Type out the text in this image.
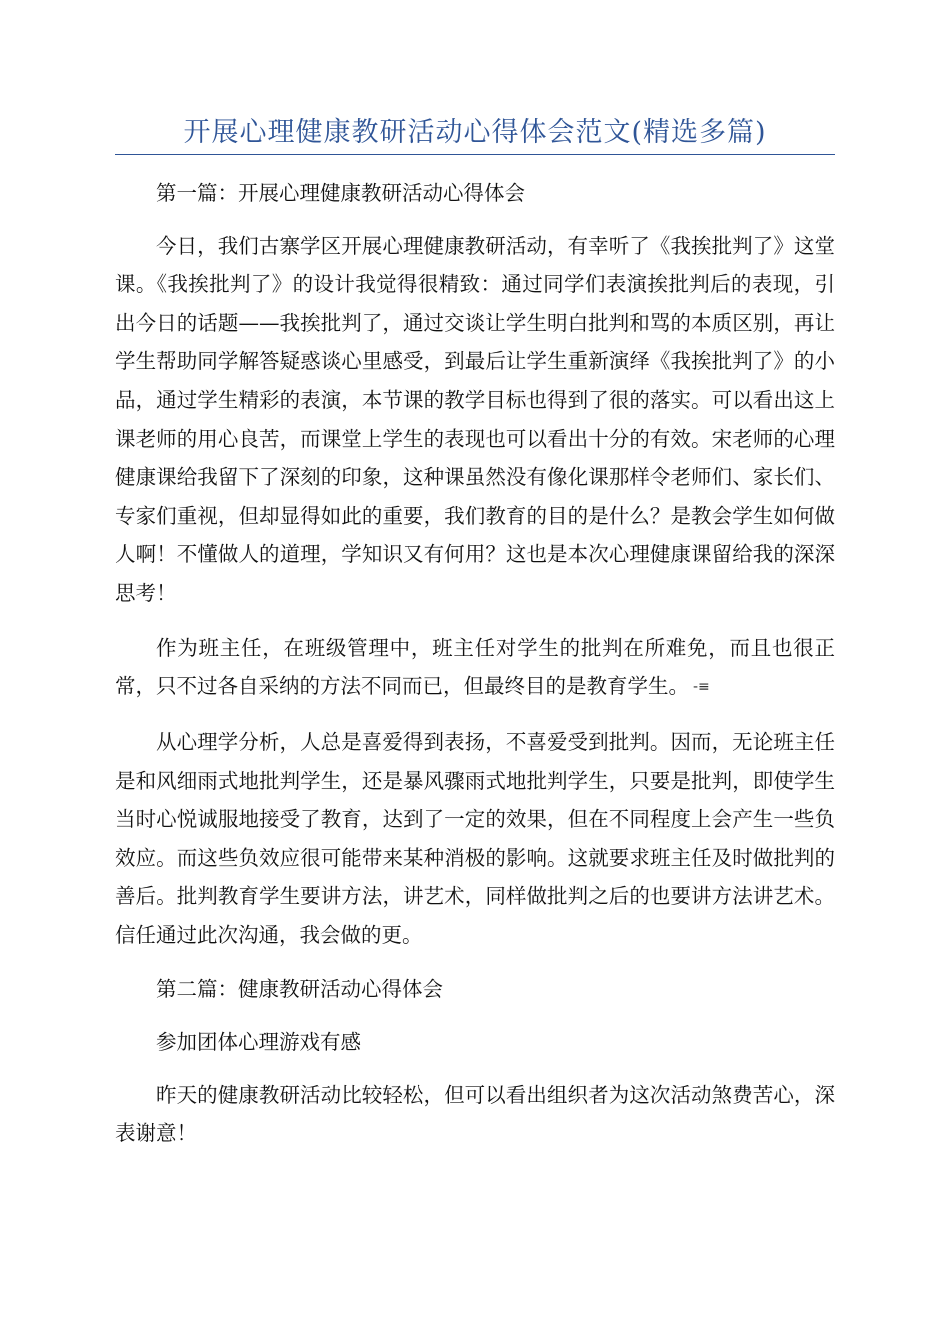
开展心理健康教研活动心得体会范文(精选多篇)

第一篇：开展心理健康教研活动心得体会

今日，我们古寨学区开展心理健康教研活动，有幸听了《我挨批判了》这堂课。《我挨批判了》的设计我觉得很精致：通过同学们表演挨批判后的表现，引出今日的话题——我挨批判了，通过交谈让学生明白批判和骂的本质区别，再让学生帮助同学解答疑惑谈心里感受，到最后让学生重新演绎《我挨批判了》的小品，通过学生精彩的表演，本节课的教学目标也得到了很的落实。可以看出这上课老师的用心良苦，而课堂上学生的表现也可以看出十分的有效。宋老师的心理健康课给我留下了深刻的印象，这种课虽然没有像化课那样令老师们、家长们、专家们重视，但却显得如此的重要，我们教育的目的是什么？是教会学生如何做人啊！不懂做人的道理，学知识又有何用？这也是本次心理健康课留给我的深深思考！

作为班主任，在班级管理中，班主任对学生的批判在所难免，而且也很正常，只不过各自采纳的方法不同而已，但最终目的是教育学生。 -≡

从心理学分析，人总是喜爱得到表扬，不喜爱受到批判。因而，无论班主任是和风细雨式地批判学生，还是暴风骤雨式地批判学生，只要是批判，即使学生当时心悦诚服地接受了教育，达到了一定的效果，但在不同程度上会产生一些负效应。而这些负效应很可能带来某种消极的影响。这就要求班主任及时做批判的善后。批判教育学生要讲方法，讲艺术，同样做批判之后的也要讲方法讲艺术。信任通过此次沟通，我会做的更。

第二篇：健康教研活动心得体会

参加团体心理游戏有感

昨天的健康教研活动比较轻松，但可以看出组织者为这次活动煞费苦心，深表谢意！
